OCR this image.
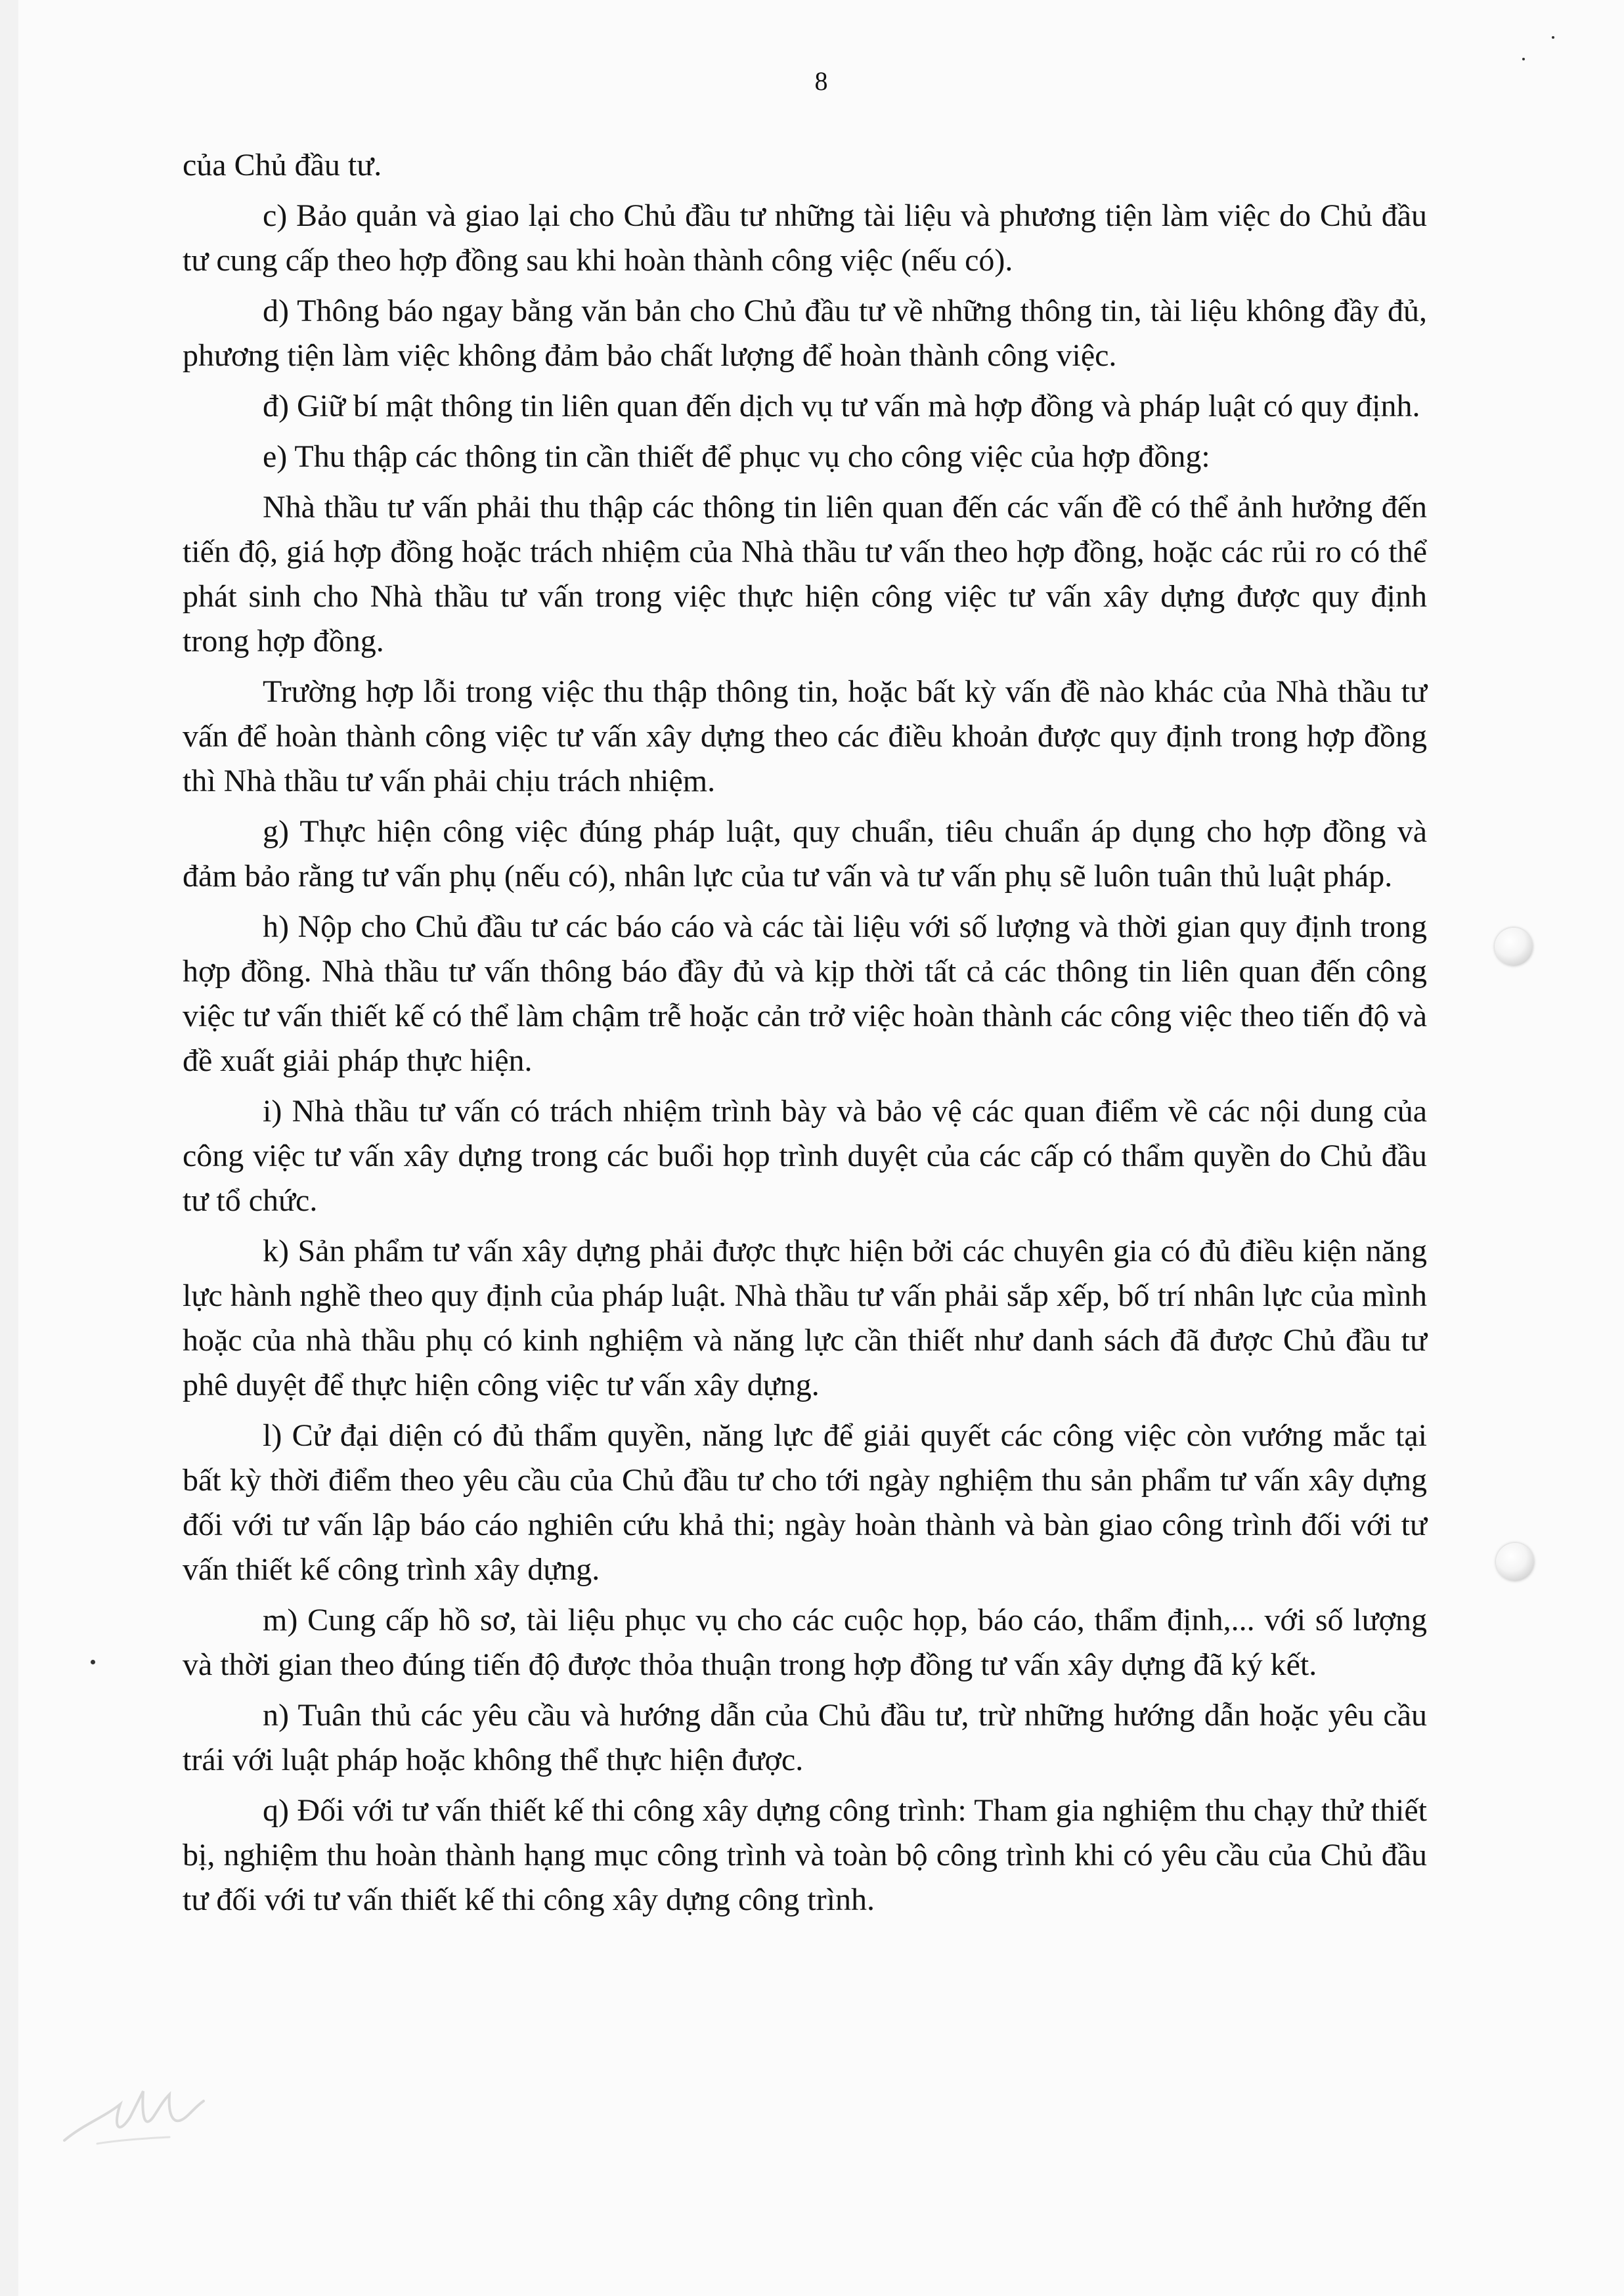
8

của Chủ đầu tư.

c) Bảo quản và giao lại cho Chủ đầu tư những tài liệu và phương tiện làm việc do Chủ đầu tư cung cấp theo hợp đồng sau khi hoàn thành công việc (nếu có).

d) Thông báo ngay bằng văn bản cho Chủ đầu tư về những thông tin, tài liệu không đầy đủ, phương tiện làm việc không đảm bảo chất lượng để hoàn thành công việc.

đ) Giữ bí mật thông tin liên quan đến dịch vụ tư vấn mà hợp đồng và pháp luật có quy định.

e) Thu thập các thông tin cần thiết để phục vụ cho công việc của hợp đồng:

Nhà thầu tư vấn phải thu thập các thông tin liên quan đến các vấn đề có thể ảnh hưởng đến tiến độ, giá hợp đồng hoặc trách nhiệm của Nhà thầu tư vấn theo hợp đồng, hoặc các rủi ro có thể phát sinh cho Nhà thầu tư vấn trong việc thực hiện công việc tư vấn xây dựng được quy định trong hợp đồng.

Trường hợp lỗi trong việc thu thập thông tin, hoặc bất kỳ vấn đề nào khác của Nhà thầu tư vấn để hoàn thành công việc tư vấn xây dựng theo các điều khoản được quy định trong hợp đồng thì Nhà thầu tư vấn phải chịu trách nhiệm.

g) Thực hiện công việc đúng pháp luật, quy chuẩn, tiêu chuẩn áp dụng cho hợp đồng và đảm bảo rằng tư vấn phụ (nếu có), nhân lực của tư vấn và tư vấn phụ sẽ luôn tuân thủ luật pháp.

h) Nộp cho Chủ đầu tư các báo cáo và các tài liệu với số lượng và thời gian quy định trong hợp đồng. Nhà thầu tư vấn thông báo đầy đủ và kịp thời tất cả các thông tin liên quan đến công việc tư vấn thiết kế có thể làm chậm trễ hoặc cản trở việc hoàn thành các công việc theo tiến độ và đề xuất giải pháp thực hiện.

i) Nhà thầu tư vấn có trách nhiệm trình bày và bảo vệ các quan điểm về các nội dung của công việc tư vấn xây dựng trong các buổi họp trình duyệt của các cấp có thẩm quyền do Chủ đầu tư tổ chức.

k) Sản phẩm tư vấn xây dựng phải được thực hiện bởi các chuyên gia có đủ điều kiện năng lực hành nghề theo quy định của pháp luật. Nhà thầu tư vấn phải sắp xếp, bố trí nhân lực của mình hoặc của nhà thầu phụ có kinh nghiệm và năng lực cần thiết như danh sách đã được Chủ đầu tư phê duyệt để thực hiện công việc tư vấn xây dựng.

l) Cử đại diện có đủ thẩm quyền, năng lực để giải quyết các công việc còn vướng mắc tại bất kỳ thời điểm theo yêu cầu của Chủ đầu tư cho tới ngày nghiệm thu sản phẩm tư vấn xây dựng đối với tư vấn lập báo cáo nghiên cứu khả thi; ngày hoàn thành và bàn giao công trình đối với tư vấn thiết kế công trình xây dựng.

m) Cung cấp hồ sơ, tài liệu phục vụ cho các cuộc họp, báo cáo, thẩm định,... với số lượng và thời gian theo đúng tiến độ được thỏa thuận trong hợp đồng tư vấn xây dựng đã ký kết.

n) Tuân thủ các yêu cầu và hướng dẫn của Chủ đầu tư, trừ những hướng dẫn hoặc yêu cầu trái với luật pháp hoặc không thể thực hiện được.

q) Đối với tư vấn thiết kế thi công xây dựng công trình: Tham gia nghiệm thu chạy thử thiết bị, nghiệm thu hoàn thành hạng mục công trình và toàn bộ công trình khi có yêu cầu của Chủ đầu tư đối với tư vấn thiết kế thi công xây dựng công trình.
